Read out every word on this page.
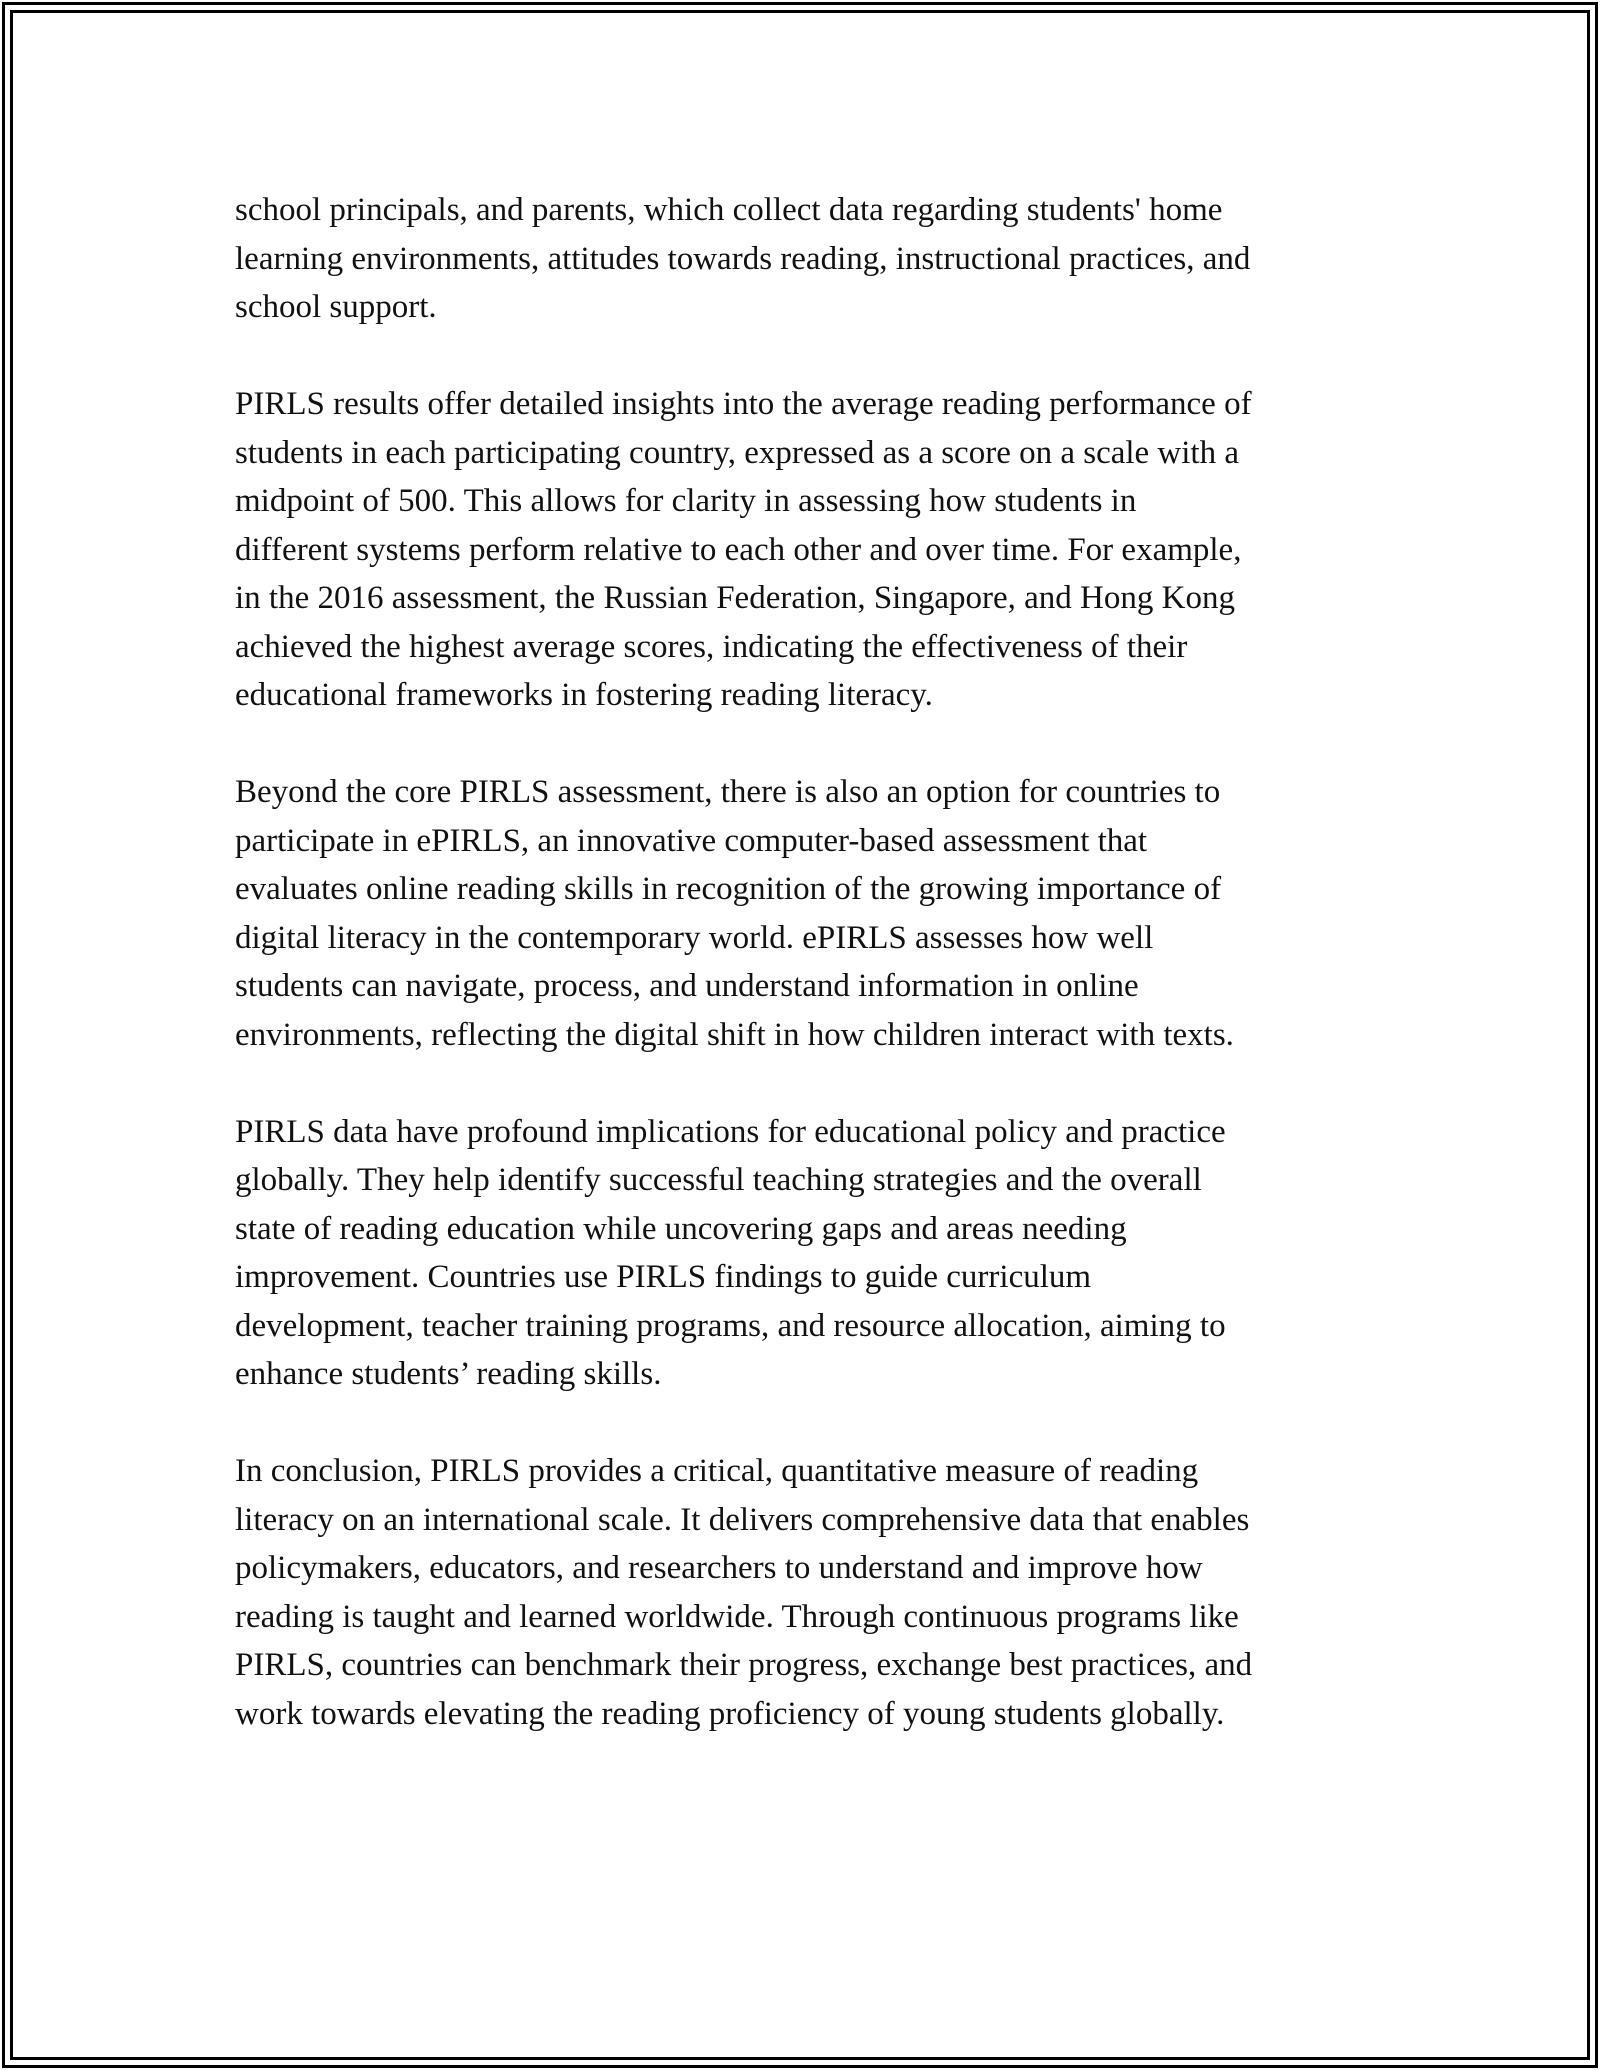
school principals, and parents, which collect data regarding students' home
learning environments, attitudes towards reading, instructional practices, and
school support.

PIRLS results offer detailed insights into the average reading performance of
students in each participating country, expressed as a score on a scale with a
midpoint of 500. This allows for clarity in assessing how students in
different systems perform relative to each other and over time. For example,
in the 2016 assessment, the Russian Federation, Singapore, and Hong Kong
achieved the highest average scores, indicating the effectiveness of their
educational frameworks in fostering reading literacy.

Beyond the core PIRLS assessment, there is also an option for countries to
participate in ePIRLS, an innovative computer-based assessment that
evaluates online reading skills in recognition of the growing importance of
digital literacy in the contemporary world. ePIRLS assesses how well
students can navigate, process, and understand information in online
environments, reflecting the digital shift in how children interact with texts.

PIRLS data have profound implications for educational policy and practice
globally. They help identify successful teaching strategies and the overall
state of reading education while uncovering gaps and areas needing
improvement. Countries use PIRLS findings to guide curriculum
development, teacher training programs, and resource allocation, aiming to
enhance students’ reading skills.

In conclusion, PIRLS provides a critical, quantitative measure of reading
literacy on an international scale. It delivers comprehensive data that enables
policymakers, educators, and researchers to understand and improve how
reading is taught and learned worldwide. Through continuous programs like
PIRLS, countries can benchmark their progress, exchange best practices, and
work towards elevating the reading proficiency of young students globally.
